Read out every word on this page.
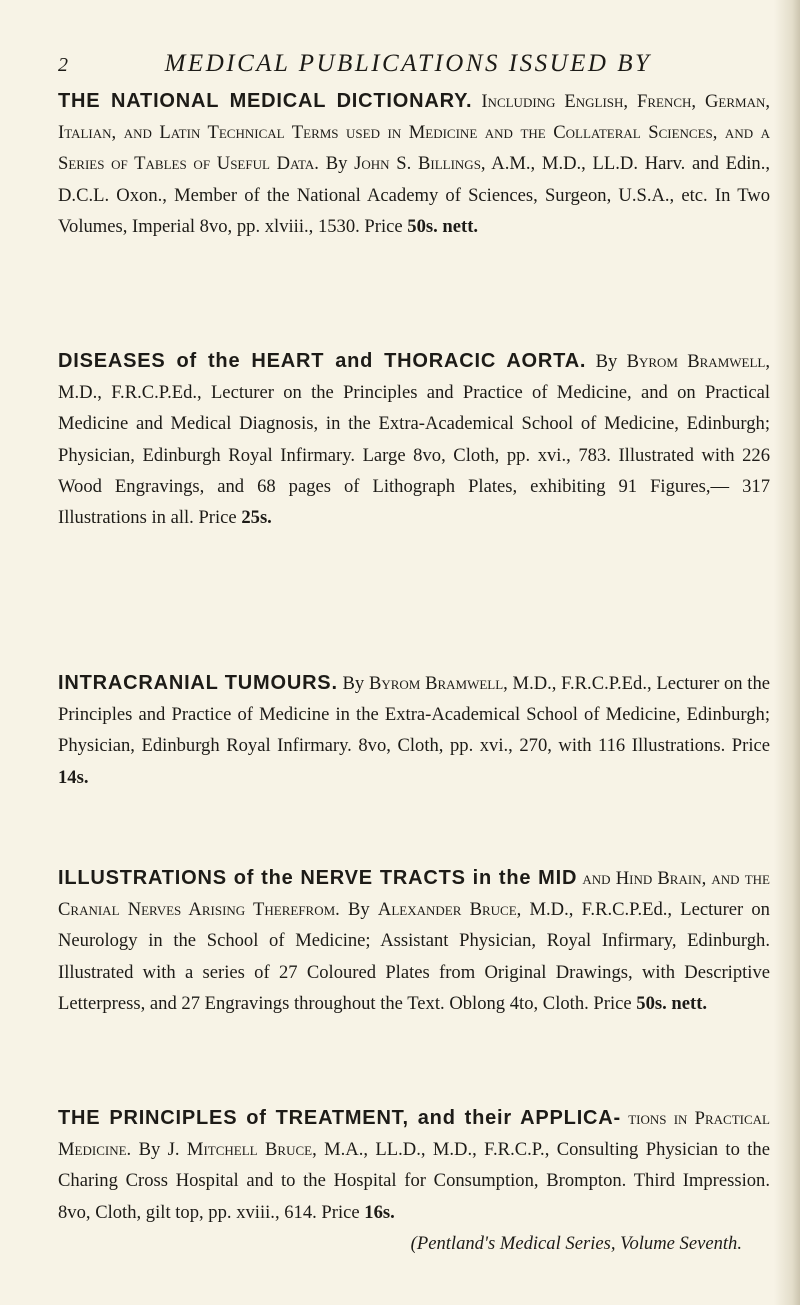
2	MEDICAL PUBLICATIONS ISSUED BY

THE NATIONAL MEDICAL DICTIONARY. Including English, French, German, Italian, and Latin Technical Terms used in Medicine and the Collateral Sciences, and a Series of Tables of Useful Data. By John S. Billings, A.M., M.D., LL.D. Harv. and Edin., D.C.L. Oxon., Member of the National Academy of Sciences, Surgeon, U.S.A., etc. In Two Volumes, Imperial 8vo, pp. xlviii., 1530. Price 50s. nett.

DISEASES of the HEART and THORACIC AORTA. By Byrom Bramwell, M.D., F.R.C.P.Ed., Lecturer on the Principles and Practice of Medicine, and on Practical Medicine and Medical Diagnosis, in the Extra-Academical School of Medicine, Edinburgh; Physician, Edinburgh Royal Infirmary. Large 8vo, Cloth, pp. xvi., 783. Illustrated with 226 Wood Engravings, and 68 pages of Lithograph Plates, exhibiting 91 Figures,— 317 Illustrations in all. Price 25s.

INTRACRANIAL TUMOURS. By Byrom Bramwell, M.D., F.R.C.P.Ed., Lecturer on the Principles and Practice of Medicine in the Extra-Academical School of Medicine, Edinburgh; Physician, Edinburgh Royal Infirmary. 8vo, Cloth, pp. xvi., 270, with 116 Illustrations. Price 14s.

ILLUSTRATIONS of the NERVE TRACTS in the MID and Hind Brain, and the Cranial Nerves Arising Therefrom. By Alexander Bruce, M.D., F.R.C.P.Ed., Lecturer on Neurology in the School of Medicine; Assistant Physician, Royal Infirmary, Edinburgh. Illustrated with a series of 27 Coloured Plates from Original Drawings, with Descriptive Letterpress, and 27 Engravings throughout the Text. Oblong 4to, Cloth. Price 50s. nett.

THE PRINCIPLES of TREATMENT, and their APPLICA- tions in Practical Medicine. By J. Mitchell Bruce, M.A., LL.D., M.D., F.R.C.P., Consulting Physician to the Charing Cross Hospital and to the Hospital for Consumption, Brompton. Third Impression. 8vo, Cloth, gilt top, pp. xviii., 614. Price 16s.
(Pentland's Medical Series, Volume Seventh.
